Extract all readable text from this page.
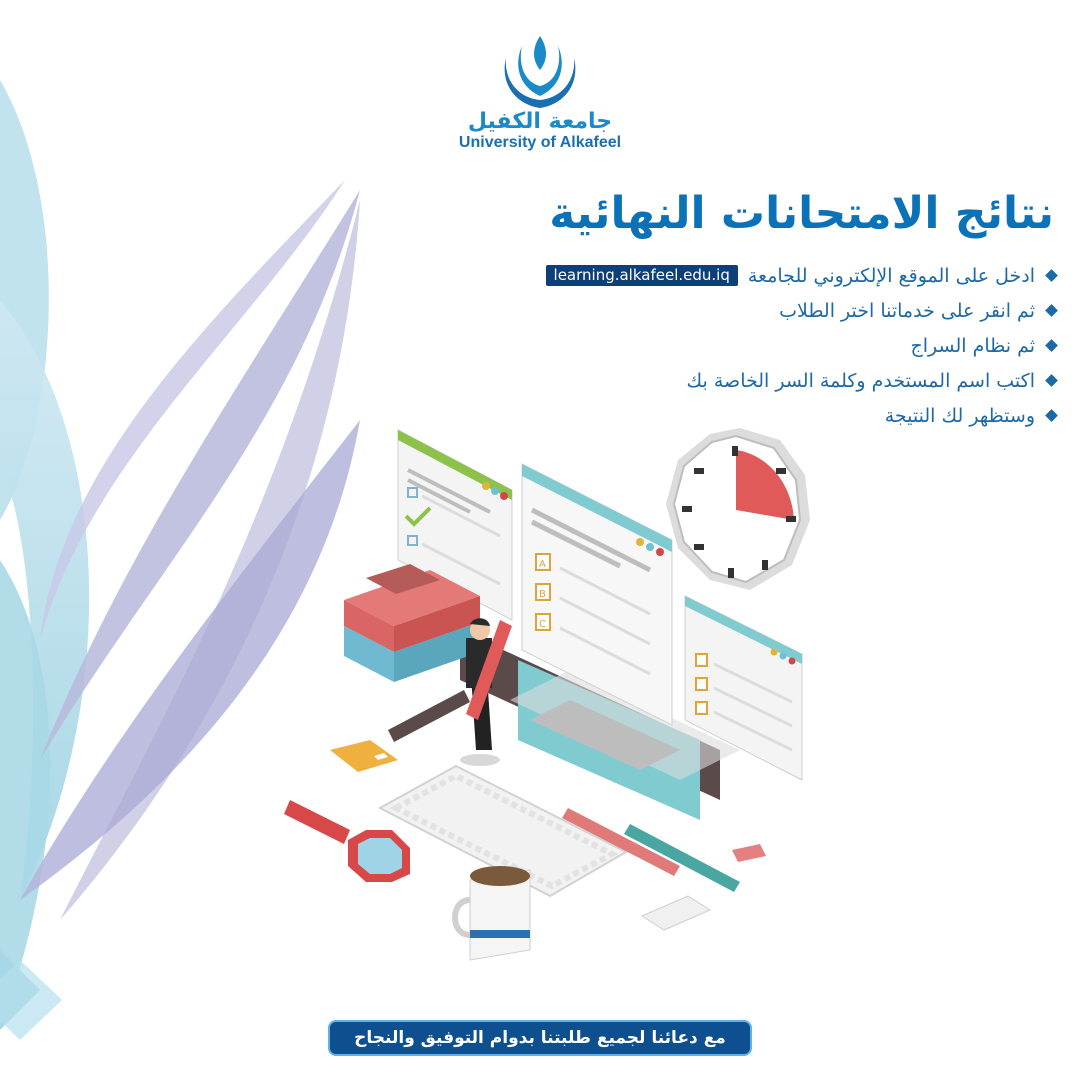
جامعة الكفيل
University of Alkafeel
نتائج الامتحانات النهائية
ادخل على الموقع الإلكتروني للجامعة
learning.alkafeel.edu.iq
ثم انقر على خدماتنا اختر الطلاب
ثم نظام السراج
اكتب اسم المستخدم وكلمة السر الخاصة بك
وستظهر لك النتيجة
A
B
C
مع دعائنا لجميع طلبتنا بدوام التوفيق والنجاح
